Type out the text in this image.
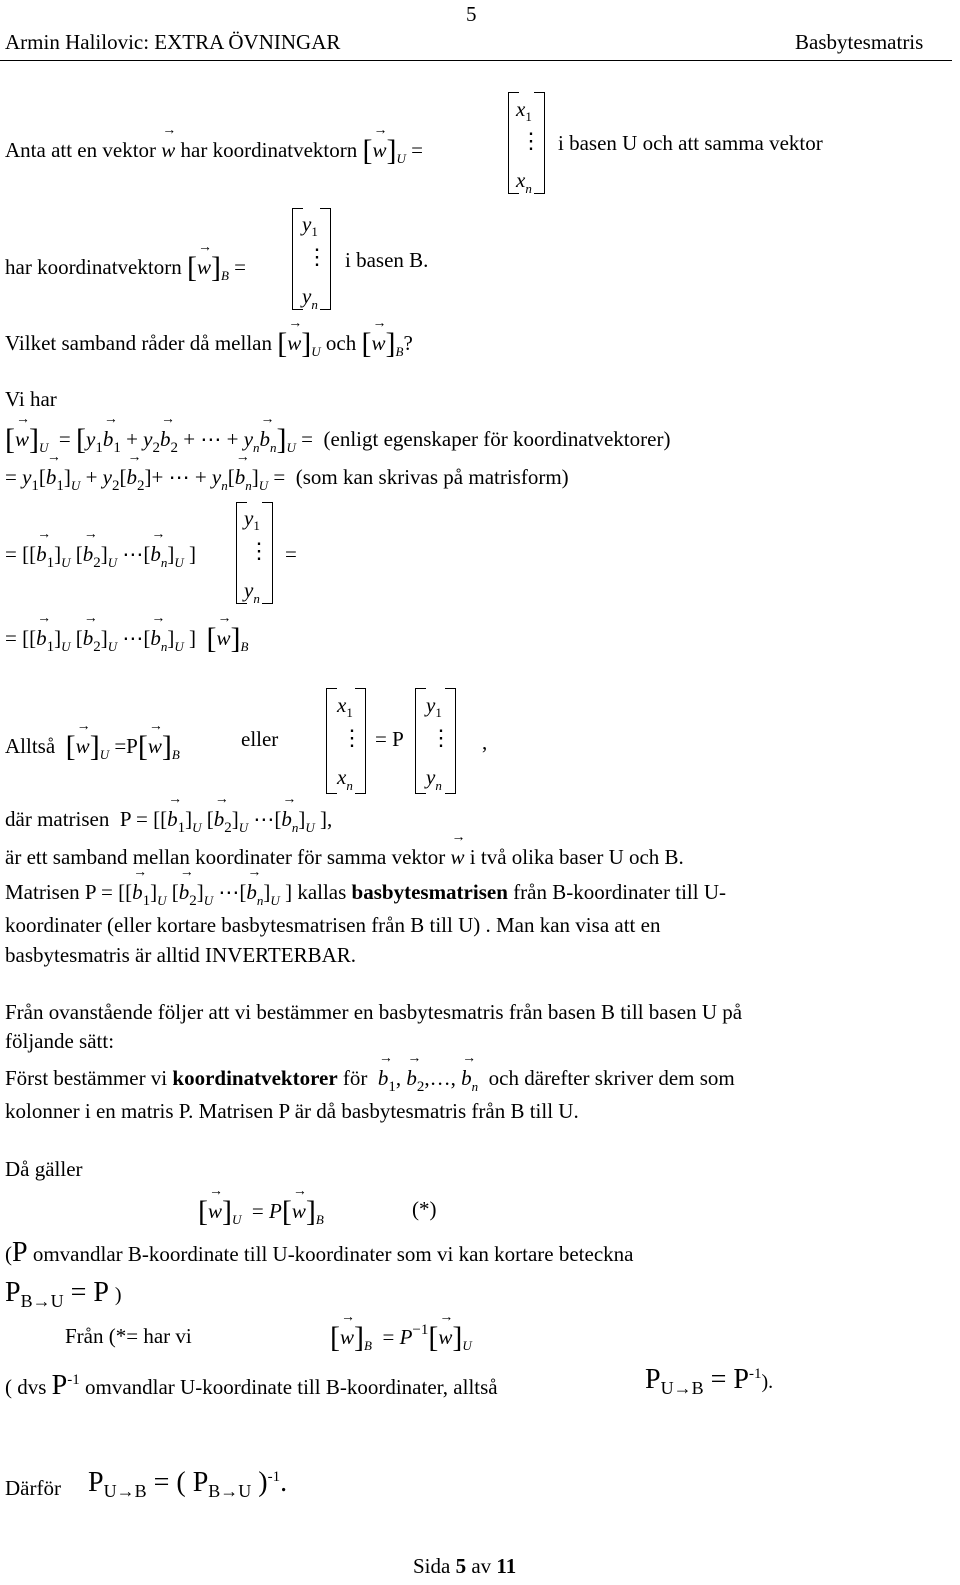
5
Armin Halilovic: EXTRA ÖVNINGAR	Basbytesmatris
Anta att en vektor → w har koordinatvektorn [→ $w]_U$ =
$x_1$
⋮
$x_n$
i basen U och att samma vektor
har koordinatvektorn [→ $w]_B$ =
$y_1$
⋮
$y_n$
i basen B.
Vilket samband råder då mellan [→ $w]_U$ och [→ $w]_B$?
Vi har
[→ $w]_U = [y_1\to b_1 + y_2\to b_2$ + ⋯ + $y_n\to b_n]_U$ =  (enligt egenskaper för koordinatvektorer)
= $y_1[\to b_1]_U + y_2[\to b_2]+$ ⋯ + $y_n[\to b_n]_U = (som$ kan skrivas på matrisform)
= [[→ $b_1]_U$ [→ $b_2]_U$ ⋯[→ $b_n]_U$ ]
$y_1$
⋮
$y_n$
=
= [[→ $b_1]_U$ [→ $b_2]_U$ ⋯[→ $b_n]_U$ ]  [→ $w]_B$
Alltså [→ $w]_U =P[\to w]_B$
eller
$x_1$
⋮
$x_n$
= P
$y_1$
⋮
$y_n$
,
där matrisen  P = [[→ $b_1]_U$ [→ $b_2]_U$ ⋯[→ $b_n]_U$ ],
är ett samband mellan koordinater för samma vektor → w i två olika baser U och B.
Matrisen P = [[→ $b_1]_U$ [→ $b_2]_U$ ⋯[→ $b_n]_U$ ] kallas basbytesmatrisen från B-koordinater till U-
koordinater (eller kortare basbytesmatrisen från B till U) . Man kan visa att en
basbytesmatris är alltid INVERTERBAR.
Från ovanstående följer att vi bestämmer en basbytesmatris från basen B till basen U på
följande sätt:
Först bestämmer vi koordinatvektorer för → $b_1$, → $b_2,\dots$, → $b_n$ och därefter skriver dem som
kolonner i en matris P. Matrisen P är då basbytesmatris från B till U.
Då gäller
[→ $w]_U = P[\to w]_B$	(*)
(P omvandlar B-koordinate till U-koordinater som vi kan kortare beteckna
$P_{B\to U} = P$ )
Från (*= har vi	[→ $w]_B = P^{-1}[\to w]_U$
( dvs $P^{-1}$ omvandlar U-koordinate till B-koordinater, alltså	$P_{U\to B} = P^{-1}$).
Därför $P_{U\to B}$ = ( $P_{B\to U}$ )$^{-1}$.
Sida 5 av 11
